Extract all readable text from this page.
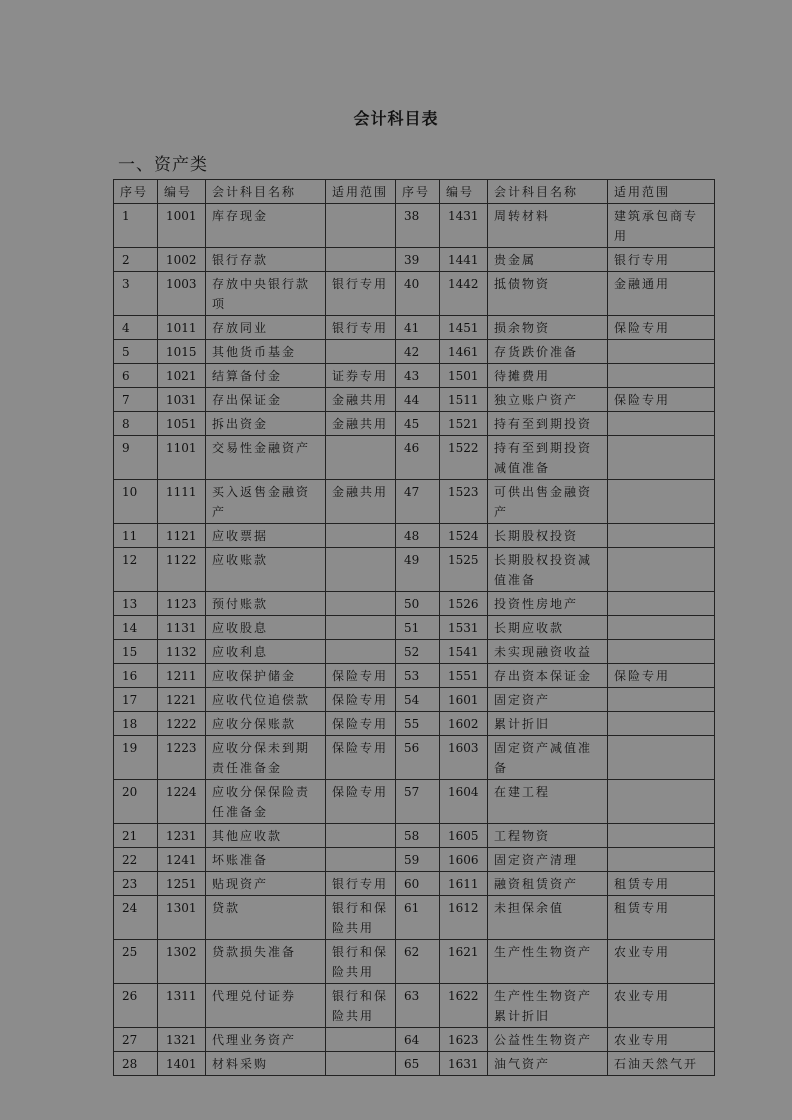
会计科目表
一、资产类
序号	编号	会计科目名称	适用范围	序号	编号	会计科目名称	适用范围
1	1001	库存现金		38	1431	周转材料	建筑承包商专用
2	1002	银行存款		39	1441	贵金属	银行专用
3	1003	存放中央银行款项	银行专用	40	1442	抵债物资	金融通用
4	1011	存放同业	银行专用	41	1451	损余物资	保险专用
5	1015	其他货币基金		42	1461	存货跌价准备	
6	1021	结算备付金	证券专用	43	1501	待摊费用	
7	1031	存出保证金	金融共用	44	1511	独立账户资产	保险专用
8	1051	拆出资金	金融共用	45	1521	持有至到期投资	
9	1101	交易性金融资产		46	1522	持有至到期投资减值准备	
10	1111	买入返售金融资产	金融共用	47	1523	可供出售金融资产	
11	1121	应收票据		48	1524	长期股权投资	
12	1122	应收账款		49	1525	长期股权投资减值准备	
13	1123	预付账款		50	1526	投资性房地产	
14	1131	应收股息		51	1531	长期应收款	
15	1132	应收利息		52	1541	未实现融资收益	
16	1211	应收保护储金	保险专用	53	1551	存出资本保证金	保险专用
17	1221	应收代位追偿款	保险专用	54	1601	固定资产	
18	1222	应收分保账款	保险专用	55	1602	累计折旧	
19	1223	应收分保未到期责任准备金	保险专用	56	1603	固定资产减值准备	
20	1224	应收分保保险责任准备金	保险专用	57	1604	在建工程	
21	1231	其他应收款		58	1605	工程物资	
22	1241	坏账准备		59	1606	固定资产清理	
23	1251	贴现资产	银行专用	60	1611	融资租赁资产	租赁专用
24	1301	贷款	银行和保险共用	61	1612	未担保余值	租赁专用
25	1302	贷款损失准备	银行和保险共用	62	1621	生产性生物资产	农业专用
26	1311	代理兑付证券	银行和保险共用	63	1622	生产性生物资产累计折旧	农业专用
27	1321	代理业务资产		64	1623	公益性生物资产	农业专用
28	1401	材料采购		65	1631	油气资产	石油天然气开
